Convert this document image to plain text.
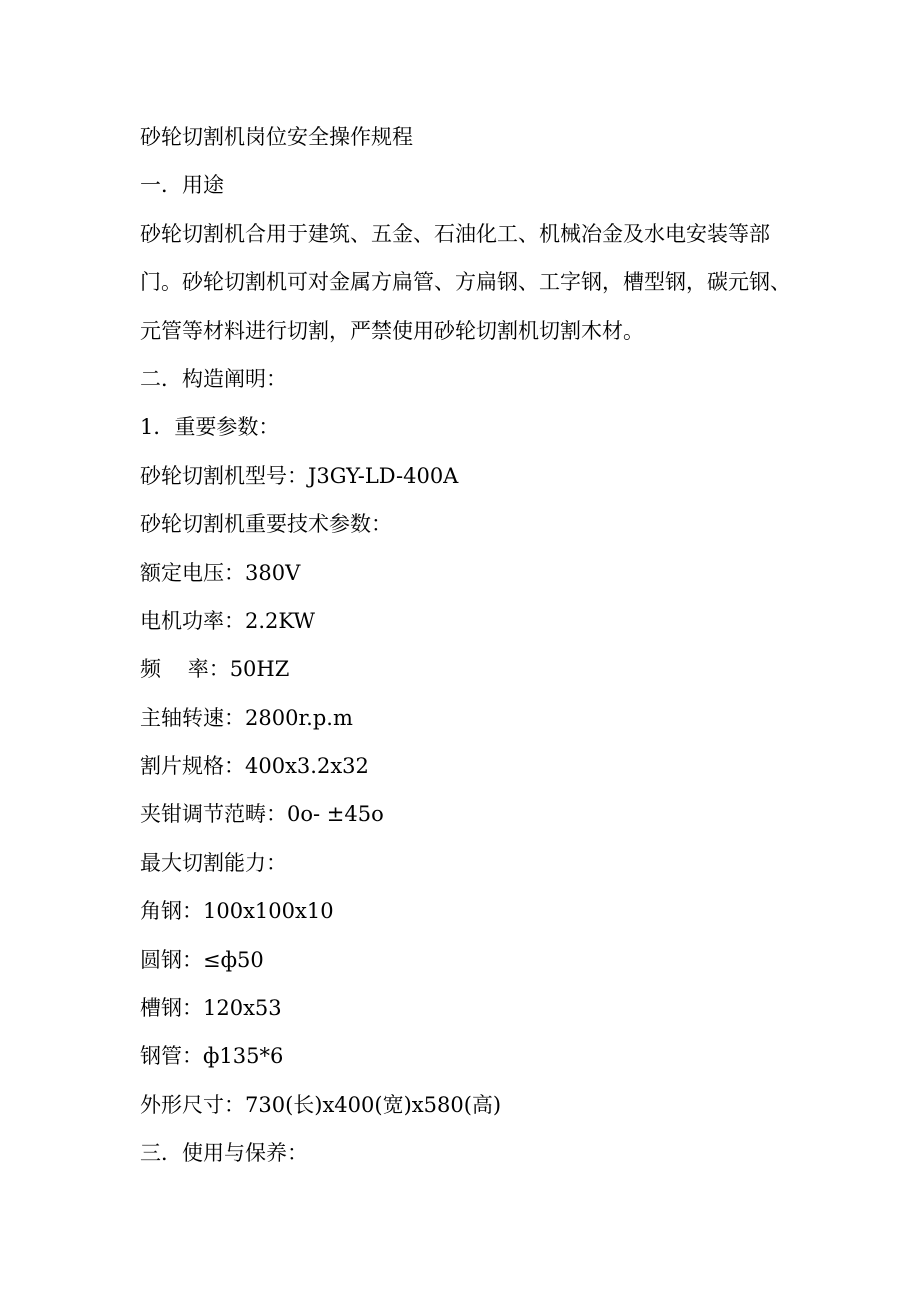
砂轮切割机岗位安全操作规程
一．用途
砂轮切割机合用于建筑、五金、石油化工、机械冶金及水电安装等部
门。砂轮切割机可对金属方扁管、方扁钢、工字钢，槽型钢，碳元钢、
元管等材料进行切割，严禁使用砂轮切割机切割木材。
二．构造阐明：
1．重要参数：
砂轮切割机型号：J3GY-LD-400A
砂轮切割机重要技术参数：
额定电压：380V
电机功率：2.2KW
频    率：50HZ
主轴转速：2800r.p.m
割片规格：400x3.2x32
夹钳调节范畴：0o- ±45o
最大切割能力：
角钢：100x100x10
圆钢：≤ф50
槽钢：120x53
钢管：ф135*6
外形尺寸：730(长)x400(宽)x580(高)
三．使用与保养：
